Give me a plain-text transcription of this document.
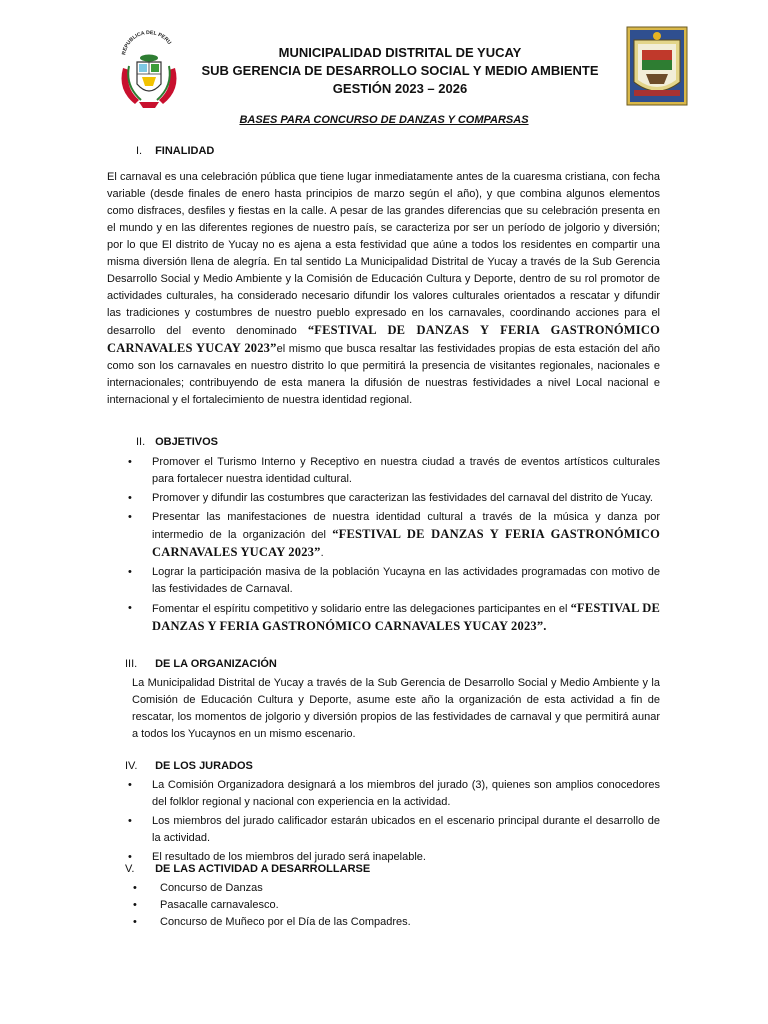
REPUBLICA DEL PERU
MUNICIPALIDAD DISTRITAL DE YUCAY
SUB GERENCIA DE DESARROLLO SOCIAL Y MEDIO AMBIENTE
GESTIÓN 2023 – 2026
BASES PARA CONCURSO DE DANZAS Y COMPARSAS
I. FINALIDAD
El carnaval es una celebración pública que tiene lugar inmediatamente antes de la cuaresma cristiana, con fecha variable (desde finales de enero hasta principios de marzo según el año), y que combina algunos elementos como disfraces, desfiles y fiestas en la calle. A pesar de las grandes diferencias que su celebración presenta en el mundo y en las diferentes regiones de nuestro país, se caracteriza por ser un período de jolgorio y diversión; por lo que El distrito de Yucay no es ajena a esta festividad que aúne a todos los residentes en compartir una misma diversión llena de alegría. En tal sentido La Municipalidad Distrital de Yucay a través de la Sub Gerencia Desarrollo Social y Medio Ambiente y la Comisión de Educación Cultura y Deporte, dentro de su rol promotor de actividades culturales, ha considerado necesario difundir los valores culturales orientados a rescatar y difundir las tradiciones y costumbres de nuestro pueblo expresado en los carnavales, coordinando acciones para el desarrollo del evento denominado “FESTIVAL DE DANZAS Y FERIA GASTRONÓMICO CARNAVALES YUCAY 2023”el mismo que busca resaltar las festividades propias de esta estación del año como son los carnavales en nuestro distrito lo que permitirá la presencia de visitantes regionales, nacionales e internacionales; contribuyendo de esta manera la difusión de nuestras festividades a nivel Local nacional e internacional y el fortalecimiento de nuestra identidad regional.
II. OBJETIVOS
• Promover el Turismo Interno y Receptivo en nuestra ciudad a través de eventos artísticos culturales para fortalecer nuestra identidad cultural.
• Promover y difundir las costumbres que caracterizan las festividades del carnaval del distrito de Yucay.
• Presentar las manifestaciones de nuestra identidad cultural a través de la música y danza por intermedio de la organización del “FESTIVAL DE DANZAS Y FERIA GASTRONÓMICO CARNAVALES YUCAY 2023”.
• Lograr la participación masiva de la población Yucayna en las actividades programadas con motivo de las festividades de Carnaval.
• Fomentar el espíritu competitivo y solidario entre las delegaciones participantes en el “FESTIVAL DE DANZAS Y FERIA GASTRONÓMICO CARNAVALES YUCAY 2023”.
III. DE LA ORGANIZACIÓN
La Municipalidad Distrital de Yucay a través de la Sub Gerencia de Desarrollo Social y Medio Ambiente y la Comisión de Educación Cultura y Deporte, asume este año la organización de esta actividad a fin de rescatar, los momentos de jolgorio y diversión propios de las festividades de carnaval y que permitirá aunar a todos los Yucaynos en un mismo escenario.
IV. DE LOS JURADOS
• La Comisión Organizadora designará a los miembros del jurado (3), quienes son amplios conocedores del folklor regional y nacional con experiencia en la actividad.
• Los miembros del jurado calificador estarán ubicados en el escenario principal durante el desarrollo de la actividad.
• El resultado de los miembros del jurado será inapelable.
V. DE LAS ACTIVIDAD A DESARROLLARSE
• Concurso de Danzas
• Pasacalle carnavalesco.
• Concurso de Muñeco por el Día de las Compadres.
